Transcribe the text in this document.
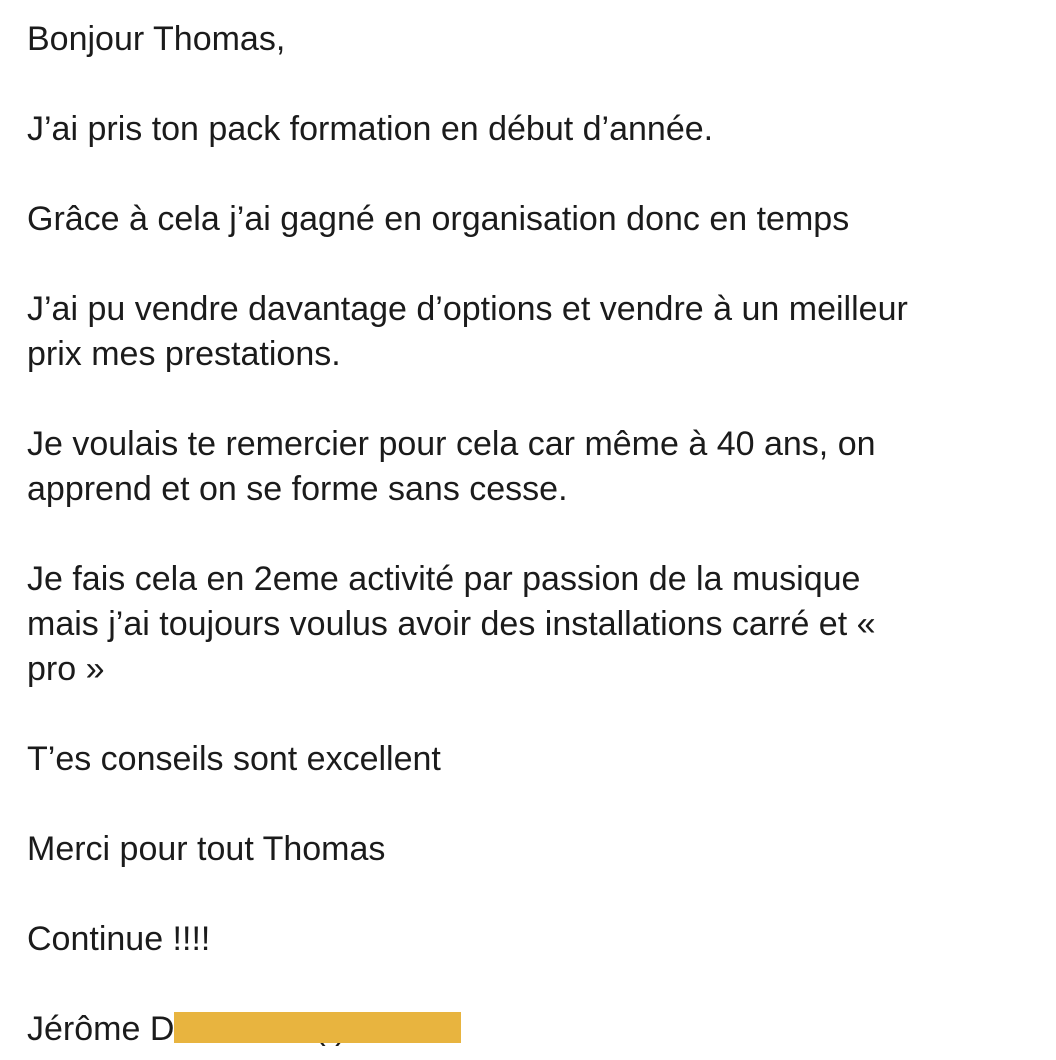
Bonjour Thomas,

J’ai pris ton pack formation en début d’année.

Grâce à cela j’ai gagné en organisation donc en temps

J’ai pu vendre davantage d’options et vendre à un meilleur
prix mes prestations.

Je voulais te remercier pour cela car même à 40 ans, on
apprend et on se forme sans cesse.

Je fais cela en 2eme activité par passion de la musique
mais j’ai toujours voulus avoir des installations carré et «
pro »

T’es conseils sont excellent

Merci pour tout Thomas

Continue !!!!

Jérôme D
